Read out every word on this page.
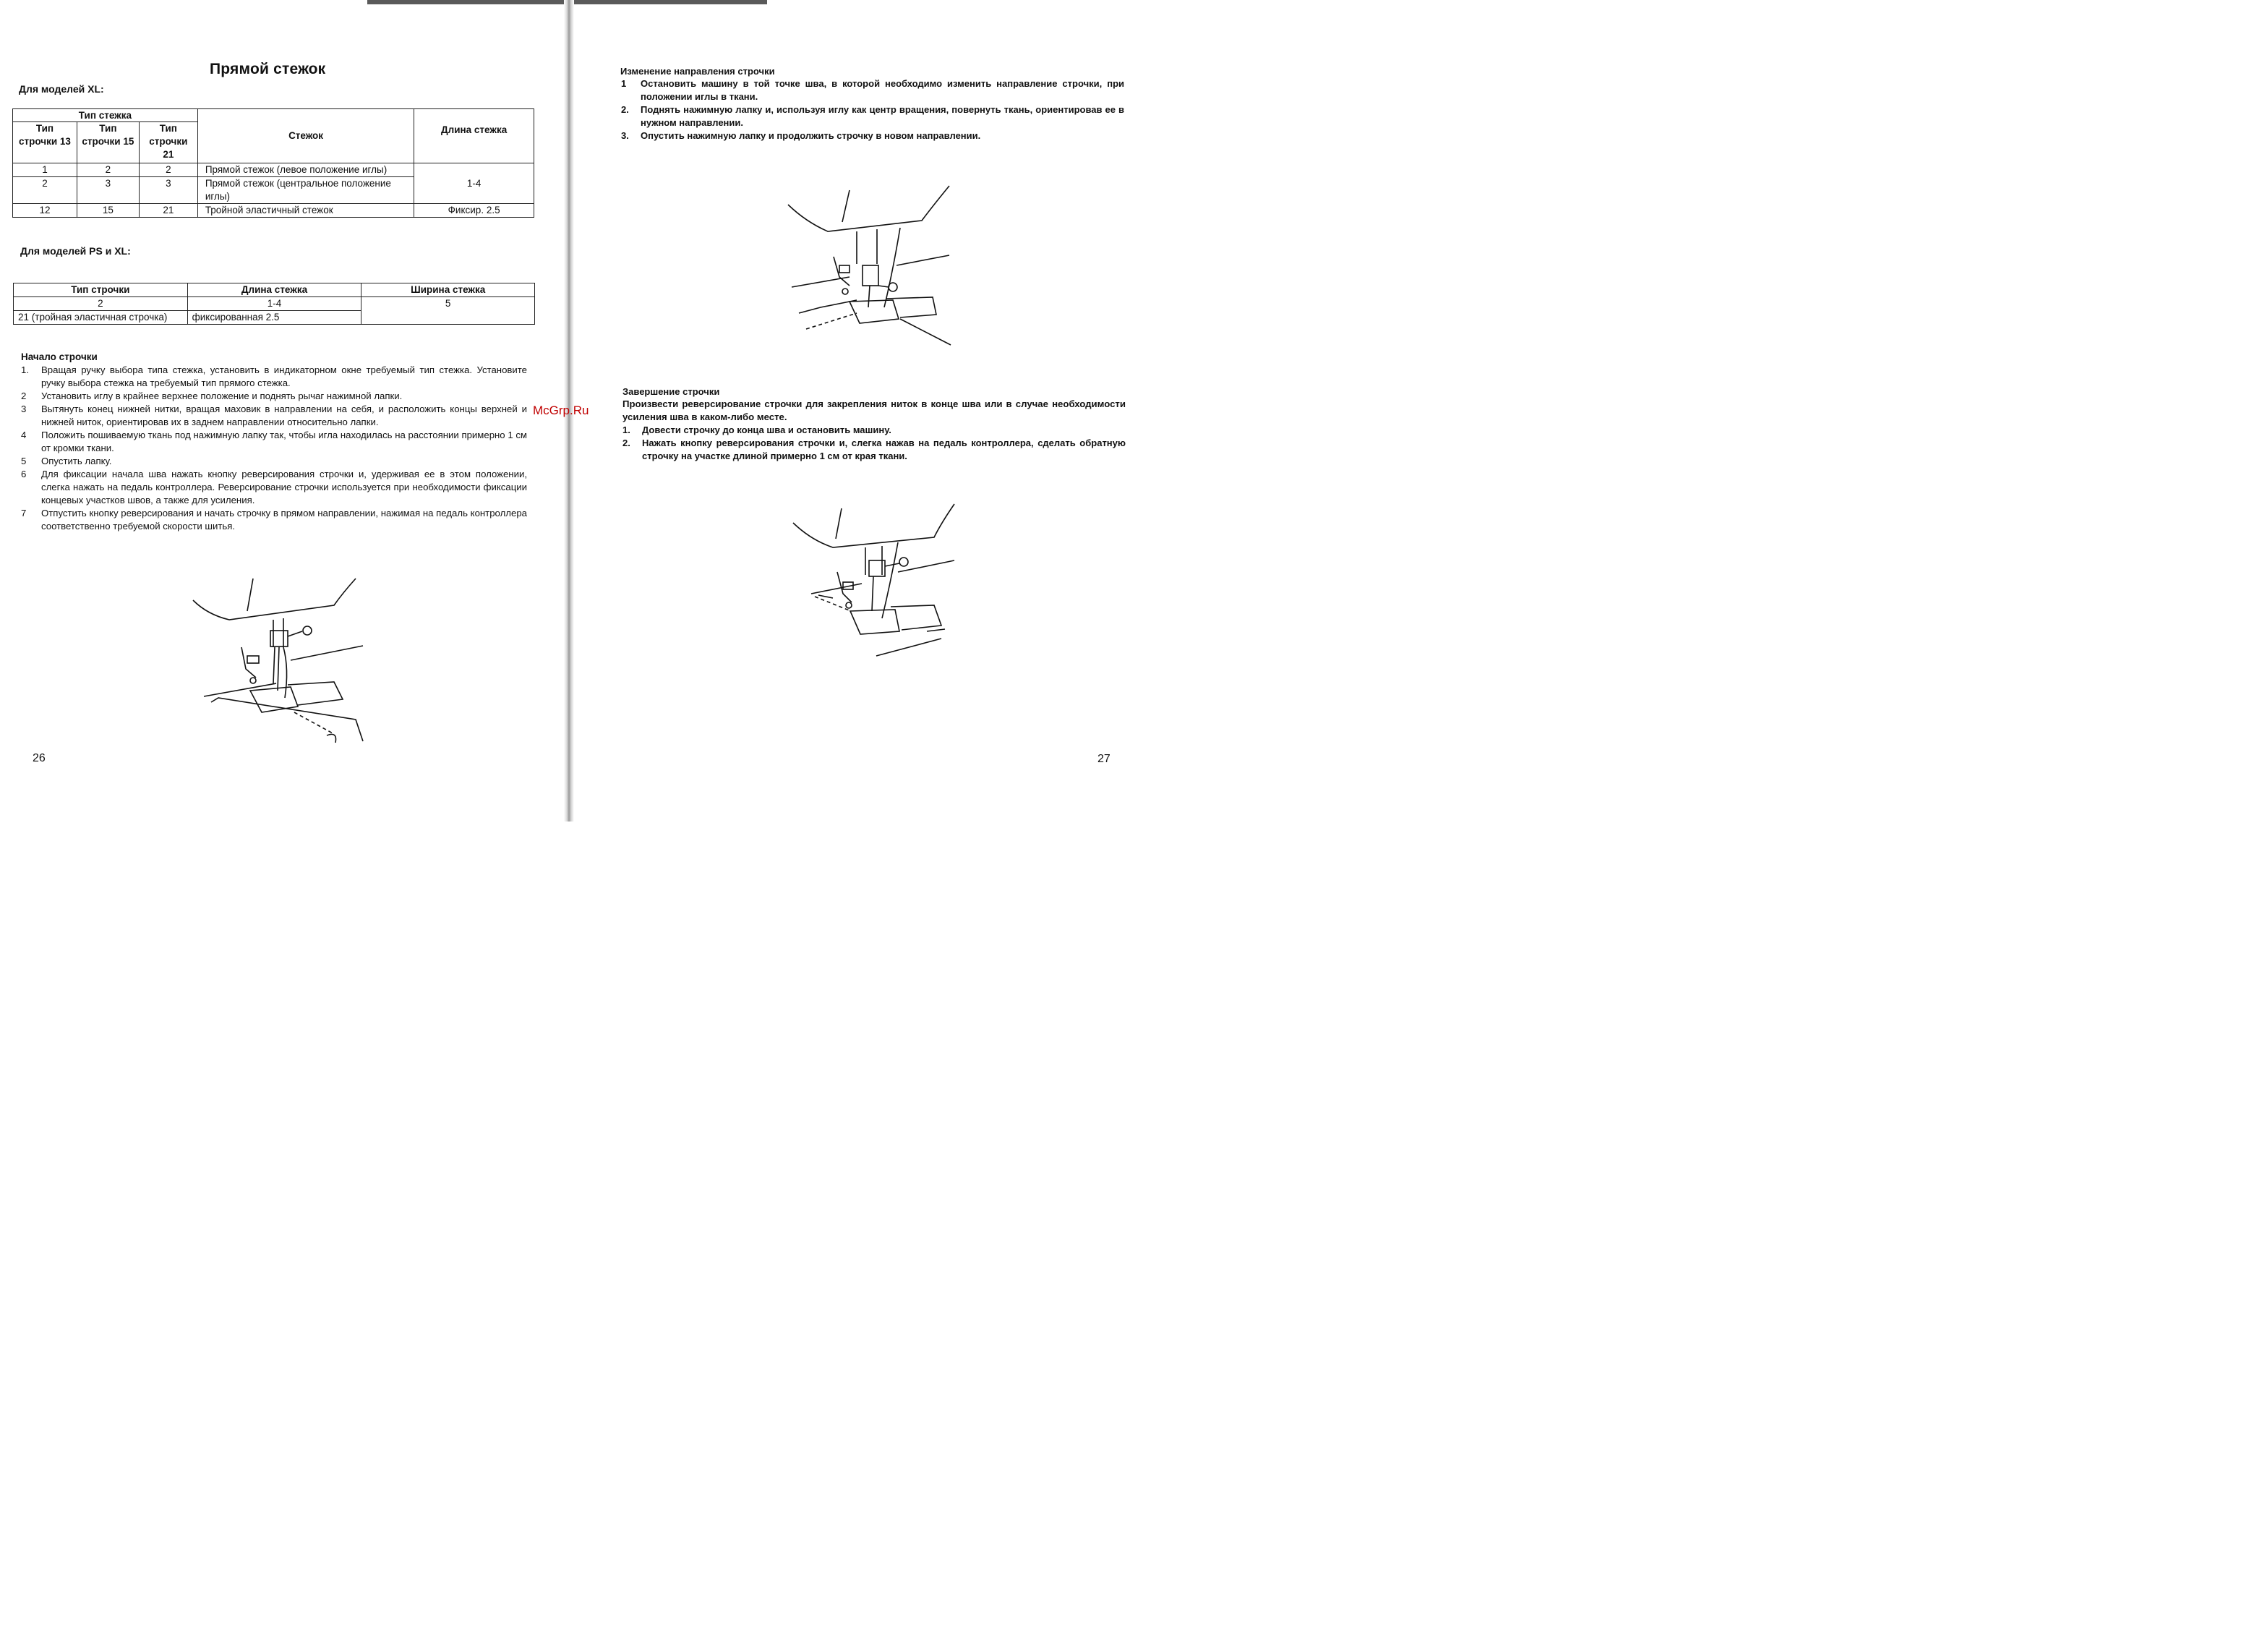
Прямой стежок
Для моделей XL:
Тип стежка			Стежок	Длина стежка
Тип строчки 13	Тип строчки 15	Тип строчки 21		
1	2	2	Прямой стежок (левое положение иглы)	1-4
2	3	3	Прямой стежок (центральное положение иглы)	
12	15	21	Тройной эластичный стежок	Фиксир. 2.5
Для моделей PS и XL:
Тип строчки	Длина стежка	Ширина стежка
2	1-4	5
21 (тройная эластичная строчка)	фиксированная 2.5	
Начало строчки
1.	Вращая ручку выбора типа стежка, установить в индикаторном окне требуемый тип стежка. Установите ручку выбора стежка на требуемый тип прямого стежка.
2	Установить иглу в крайнее верхнее положение и поднять рычаг нажимной лапки.
3	Вытянуть конец нижней нитки, вращая маховик в направлении на себя, и расположить концы верхней и нижней ниток, ориентировав их в заднем направлении относительно лапки.
4	Положить пошиваемую ткань под нажимную лапку так, чтобы игла находилась на расстоянии примерно 1 см от кромки ткани.
5	Опустить лапку.
6	Для фиксации начала шва нажать кнопку реверсирования строчки и, удерживая ее в этом положении, слегка нажать на педаль контроллера. Реверсирование строчки используется при необходимости фиксации концевых участков швов, а также для усиления.
7	Отпустить кнопку реверсирования и начать строчку в прямом направлении, нажимая на педаль контроллера соответственно требуемой скорости шитья.
26
McGrp.Ru
Изменение направления строчки
1 Остановить машину в той точке шва, в которой необходимо изменить направление строчки, при положении иглы в ткани.
2. Поднять нажимную лапку и, используя иглу как центр вращения, повернуть ткань, ориентировав ее в нужном направлении.
3. Опустить нажимную лапку и продолжить строчку в новом направлении.
Завершение строчки
Произвести реверсирование строчки для закрепления ниток в конце шва или в случае необходимости усиления шва в каком-либо месте.
1. Довести строчку до конца шва и остановить машину.
2. Нажать кнопку реверсирования строчки и, слегка нажав на педаль контроллера, сделать обратную строчку на участке длиной примерно 1 см от края ткани.
27
